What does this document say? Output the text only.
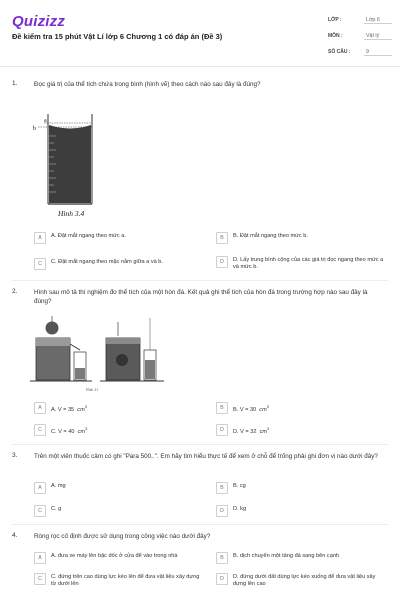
Quizizz
Đề kiểm tra 15 phút Vật Lí lớp 6 Chương 1 có đáp án (Đề 3)
LỚP :	Lớp 6
MÔN :	Vật lý
SỐ CÂU :	9
1.	Đọc giá trị của thể tích chứa trong bình (hình vẽ) theo cách nào sau đây là đúng?
a
b
Hình 3.4
A	A. Đặt mắt ngang theo mức a.	B	B. Đặt mắt ngang theo mức b.
C	C. Đặt mắt ngang theo mặc nằm giữa a và b.	D	D. Lấy trung bình cộng của các giá trị đọc ngang theo mức a và mức b.
2.	Hình sau mô tả thí nghiệm đo thể tích của một hòn đá. Kết quả ghi thể tích của hòn đá trong trường hợp nào sau đây là đúng?
Hình 4.1
A	A. V = 35 $cm^3$	B	B. V = 30 $cm^3$
C	C. V = 40 $cm^3$	D	D. V = 32 $cm^3$
3.	Trên một viên thuốc cảm có ghi "Para 500..". Em hãy tìm hiểu thực tế để xem ở chỗ để trống phải ghi đơn vị nào dưới đây?
A	A. mg	B	B. cg
C	C. g	D	D. kg
4.	Ròng rọc cố định được sử dụng trong công việc nào dưới đây?
A	A. đưa xe máy lên bậc dốc ở cửa để vào trong nhà	B	B. dịch chuyển một tảng đá sang bên cạnh
C	C. đứng trên cao dùng lực kéo lên để đưa vật liệu xây dựng từ dưới lên
D	D. đứng dưới đất dùng lực kéo xuống để đưa vật liệu xây dựng lên cao
